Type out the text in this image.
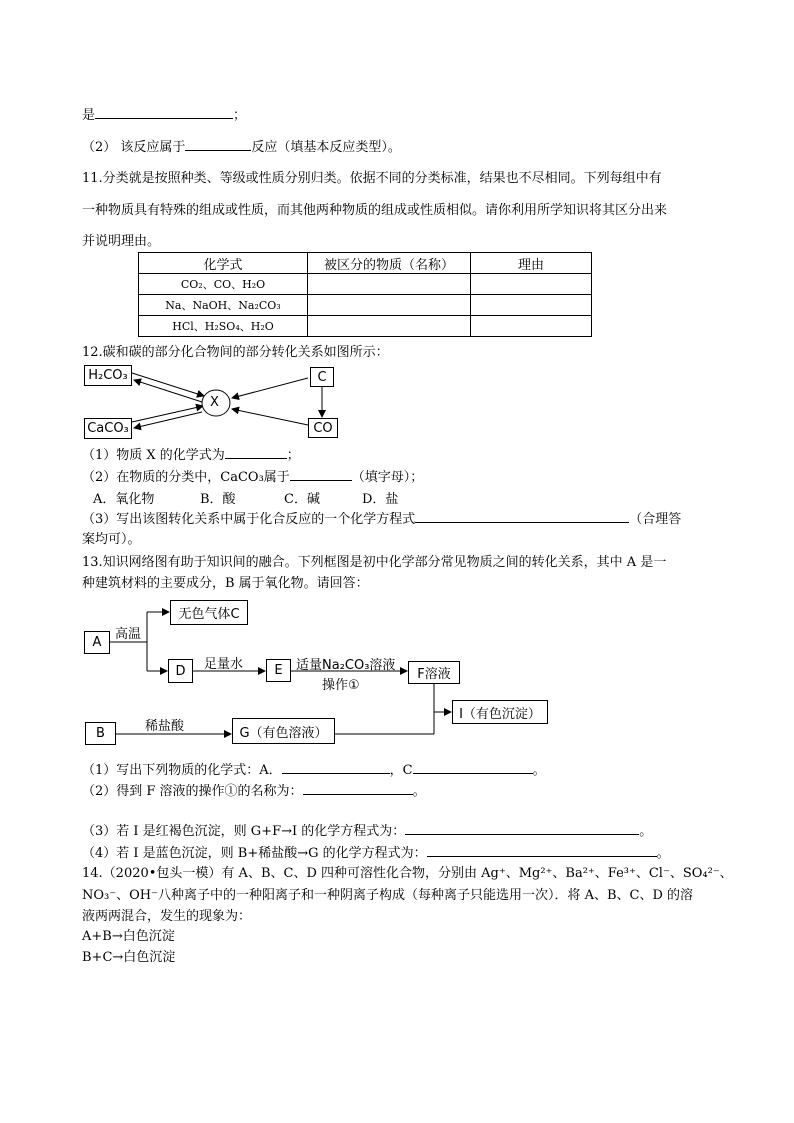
是	；
（2） 该反应属于	反应（填基本反应类型）。
11.分类就是按照种类、等级或性质分别归类。依据不同的分类标准，结果也不尽相同。下列每组中有
一种物质具有特殊的组成或性质，而其他两种物质的组成或性质相似。请你利用所学知识将其区分出来
并说明理由。
化学式	被区分的物质（名称）	理由
CO₂、CO、H₂O		
Na、NaOH、Na₂CO₃		
HCl、H₂SO₄、H₂O		
12.碳和碳的部分化合物间的部分转化关系如图所示：
X
H₂CO₃
CaCO₃
C
CO
（1）物质 X 的化学式为	；
（2）在物质的分类中，CaCO₃属于	（填字母）；
A．氧化物	B．酸	C．碱	D．盐
（3）写出该图转化关系中属于化合反应的一个化学方程式	（合理答
案均可）。
13.知识网络图有助于知识间的融合。下列框图是初中化学部分常见物质之间的转化关系，其中 A 是一
种建筑材料的主要成分，B 属于氧化物。请回答：
A
无色气体C
D	E	F溶液
I（有色沉淀）
B	G（有色溶液）
高温
足量水	适量Na₂CO₃溶液
操作①
稀盐酸
（1）写出下列物质的化学式：A．	，C	。
（2）得到 F 溶液的操作①的名称为：	。
（3）若 I 是红褐色沉淀，则 G+F→I 的化学方程式为：	。
（4）若 I 是蓝色沉淀，则 B+稀盐酸→G 的化学方程式为：	。
14.（2020•包头一模）有 A、B、C、D 四种可溶性化合物，分别由 Ag⁺、Mg²⁺、Ba²⁺、Fe³⁺、Cl⁻、SO₄²⁻、
NO₃⁻、OH⁻八种离子中的一种阳离子和一种阴离子构成（每种离子只能选用一次）．将 A、B、C、D 的溶
液两两混合，发生的现象为：
A+B→白色沉淀
B+C→白色沉淀
